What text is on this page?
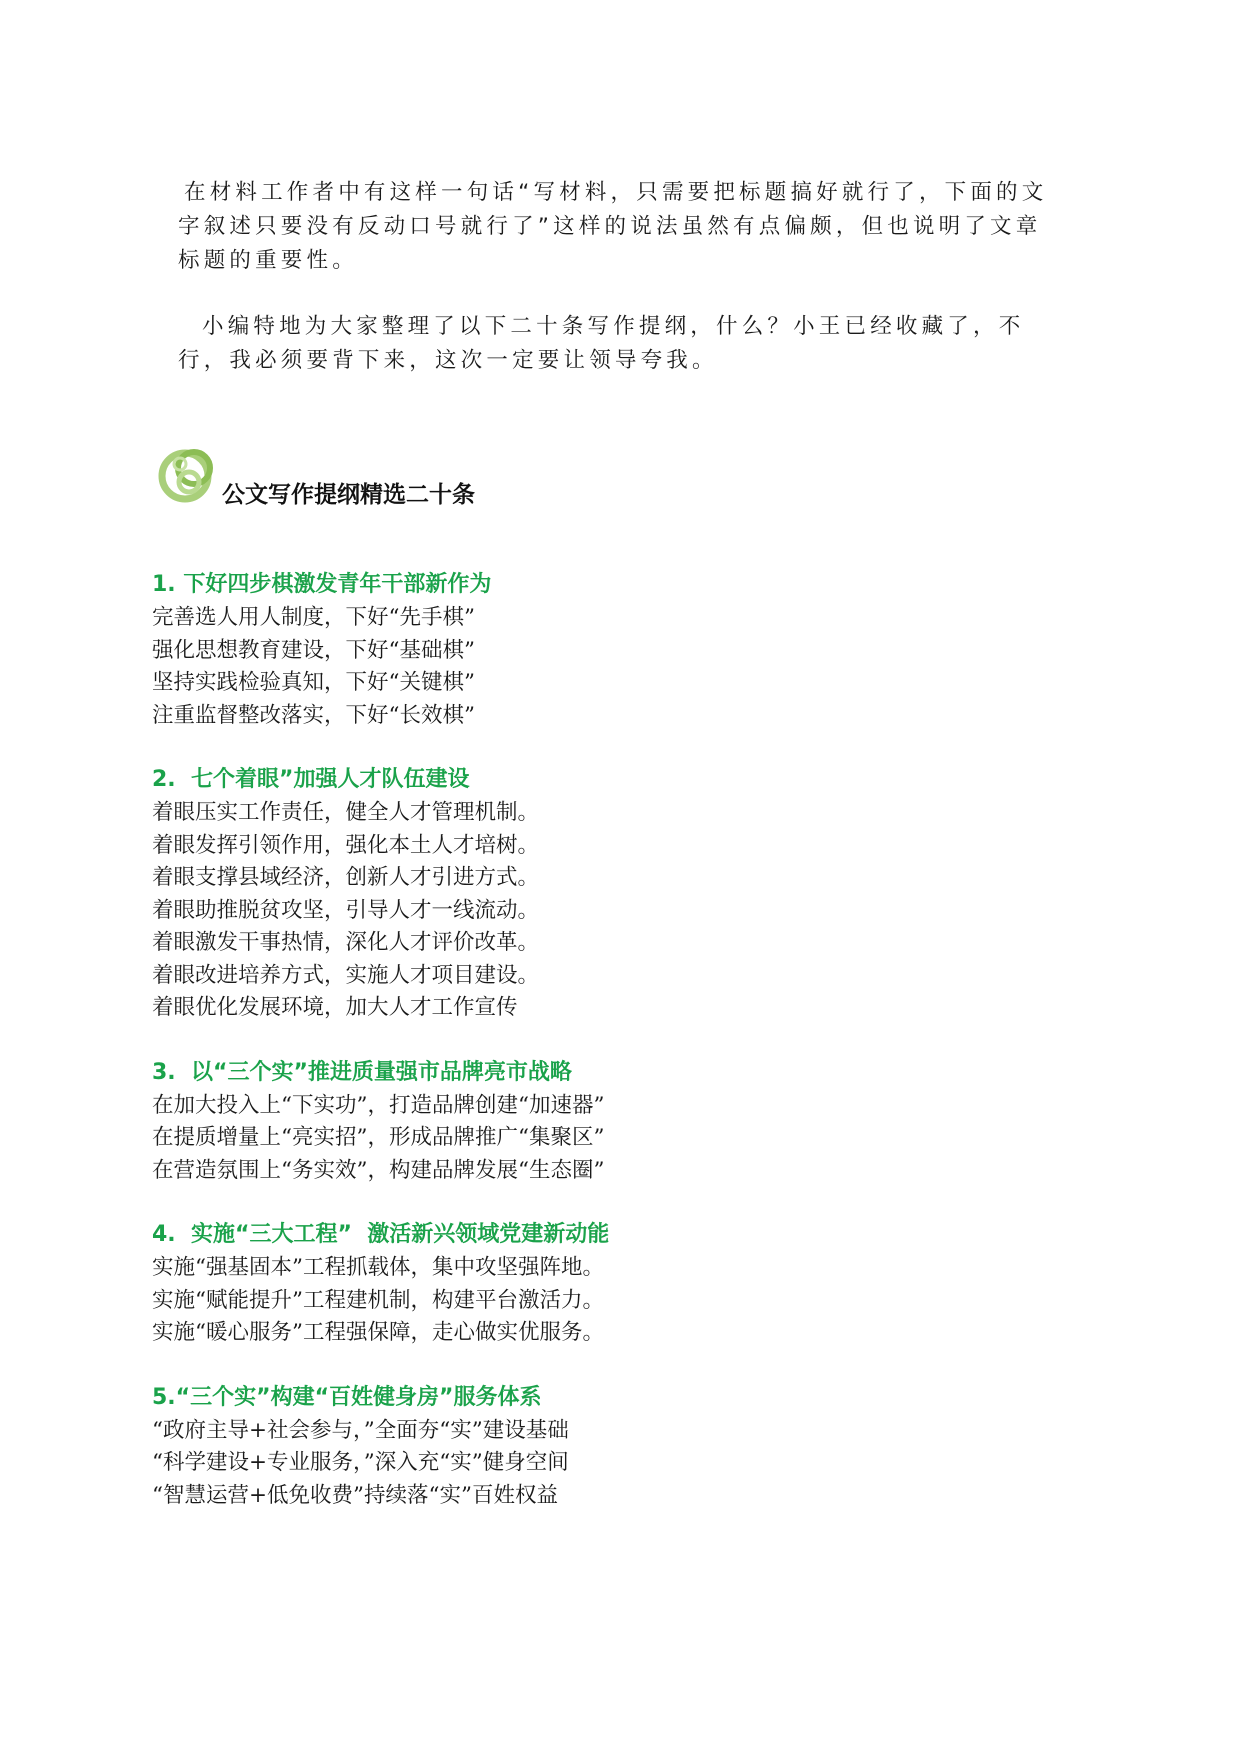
在材料工作者中有这样一句话“写材料，只需要把标题搞好就行了，下面的文字叙述只要没有反动口号就行了”这样的说法虽然有点偏颇，但也说明了文章标题的重要性。

小编特地为大家整理了以下二十条写作提纲，什么？小王已经收藏了，不行，我必须要背下来，这次一定要让领导夸我。

公文写作提纲精选二十条
1. 下好四步棋激发青年干部新作为
完善选人用人制度，下好“先手棋”
强化思想教育建设，下好“基础棋”
坚持实践检验真知，下好“关键棋”
注重监督整改落实，下好“长效棋”
2.  七个着眼”加强人才队伍建设
着眼压实工作责任，健全人才管理机制。
着眼发挥引领作用，强化本土人才培树。
着眼支撑县域经济，创新人才引进方式。
着眼助推脱贫攻坚，引导人才一线流动。
着眼激发干事热情，深化人才评价改革。
着眼改进培养方式，实施人才项目建设。
着眼优化发展环境，加大人才工作宣传
3.  以“三个实”推进质量强市品牌亮市战略
在加大投入上“下实功”，打造品牌创建“加速器”
在提质增量上“亮实招”，形成品牌推广“集聚区”
在营造氛围上“务实效”，构建品牌发展“生态圈”
4.  实施“三大工程”  激活新兴领域党建新动能
实施“强基固本”工程抓载体，集中攻坚强阵地。
实施“赋能提升”工程建机制，构建平台激活力。
实施“暖心服务”工程强保障，走心做实优服务。
5.“三个实”构建“百姓健身房”服务体系
“政府主导+社会参与，”全面夯“实”建设基础
“科学建设+专业服务，”深入充“实”健身空间
“智慧运营+低免收费”持续落“实”百姓权益
